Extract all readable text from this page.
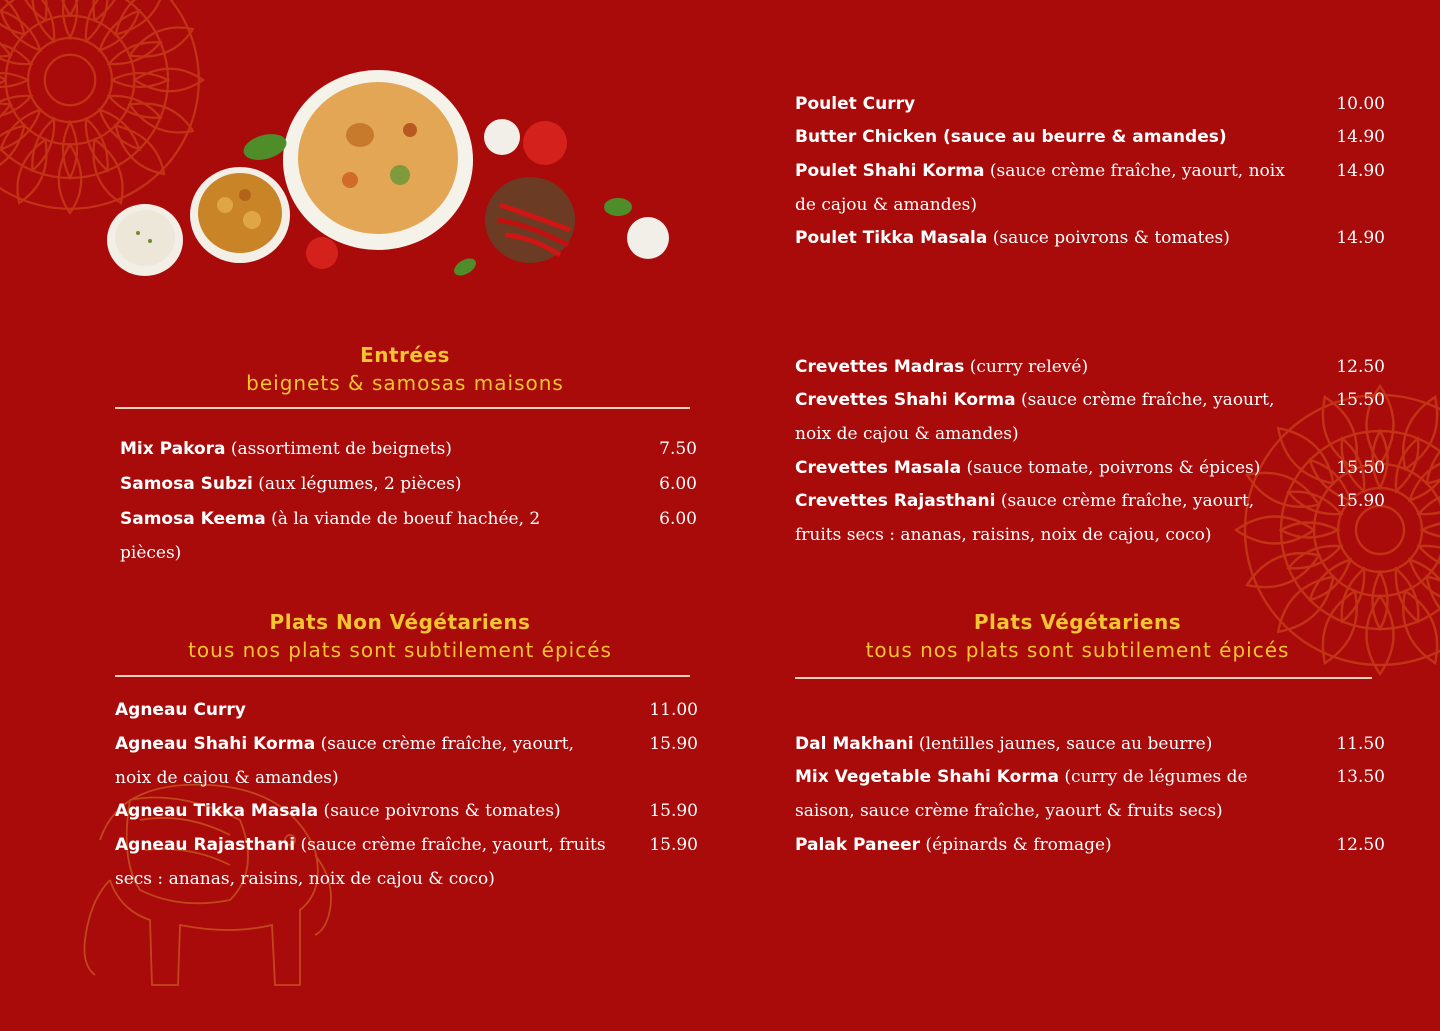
Entrées
beignets & samosas maisons
Mix Pakora (assortiment de beignets)	7.50
Samosa Subzi (aux légumes, 2 pièces)	6.00
Samosa Keema (à la viande de boeuf hachée, 2 pièces)
6.00
Plats Non Végétariens
tous nos plats sont subtilement épicés
Agneau Curry	11.00
Agneau Shahi Korma (sauce crème fraîche, yaourt, noix de cajou & amandes)
15.90
Agneau Tikka Masala (sauce poivrons & tomates)	15.90
Agneau Rajasthani (sauce crème fraîche, yaourt, fruits secs : ananas, raisins, noix de cajou & coco)
15.90
Poulet Curry	10.00
Butter Chicken (sauce au beurre & amandes)	14.90
Poulet Shahi Korma (sauce crème fraîche, yaourt, noix de cajou & amandes)
14.90
Poulet Tikka Masala (sauce poivrons & tomates)	14.90
Crevettes Madras (curry relevé)	12.50
Crevettes Shahi Korma (sauce crème fraîche, yaourt, noix de cajou & amandes)
15.50
Crevettes Masala (sauce tomate, poivrons & épices)	15.50
Crevettes Rajasthani (sauce crème fraîche, yaourt, fruits secs : ananas, raisins, noix de cajou, coco)
15.90
Plats Végétariens
tous nos plats sont subtilement épicés
Dal Makhani (lentilles jaunes, sauce au beurre)	11.50
Mix Vegetable Shahi Korma (curry de légumes de saison, sauce crème fraîche, yaourt & fruits secs)
13.50
Palak Paneer (épinards & fromage)	12.50
